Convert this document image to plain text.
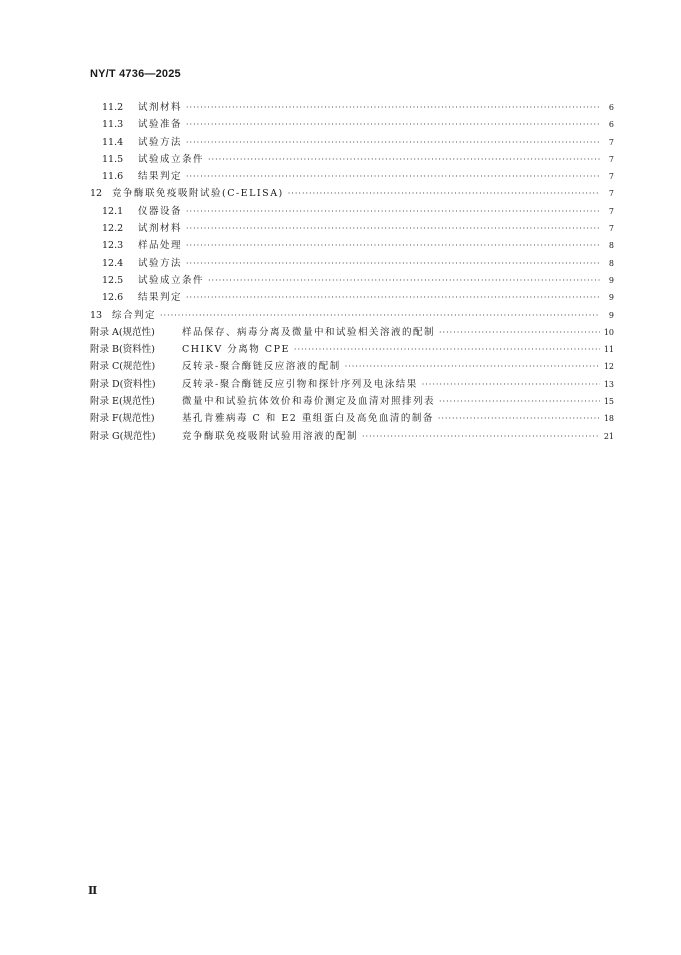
NY/T 4736—2025
11.2	试剂材料 ·····	6
11.3	试验准备 ·····	6
11.4	试验方法 ·····	7
11.5	试验成立条件 ·····	7
11.6	结果判定 ·····	7
12	竞争酶联免疫吸附试验(C-ELISA) ·····	7
12.1	仪器设备 ·····	7
12.2	试剂材料 ·····	7
12.3	样品处理 ·····	8
12.4	试验方法 ·····	8
12.5	试验成立条件 ·····	9
12.6	结果判定 ·····	9
13	综合判定 ·····	9
附录 A(规范性)	样品保存、病毒分离及微量中和试验相关溶液的配制 ·····	10
附录 B(资料性)	CHIKV 分离物 CPE ·····	11
附录 C(规范性)	反转录-聚合酶链反应溶液的配制 ·····	12
附录 D(资料性)	反转录-聚合酶链反应引物和探针序列及电泳结果 ·····	13
附录 E(规范性)	微量中和试验抗体效价和毒价测定及血清对照排列表 ·····	15
附录 F(规范性)	基孔肯雅病毒 C 和 E2 重组蛋白及高免血清的制备 ·····	18
附录 G(规范性)	竞争酶联免疫吸附试验用溶液的配制 ·····	21
Ⅱ
